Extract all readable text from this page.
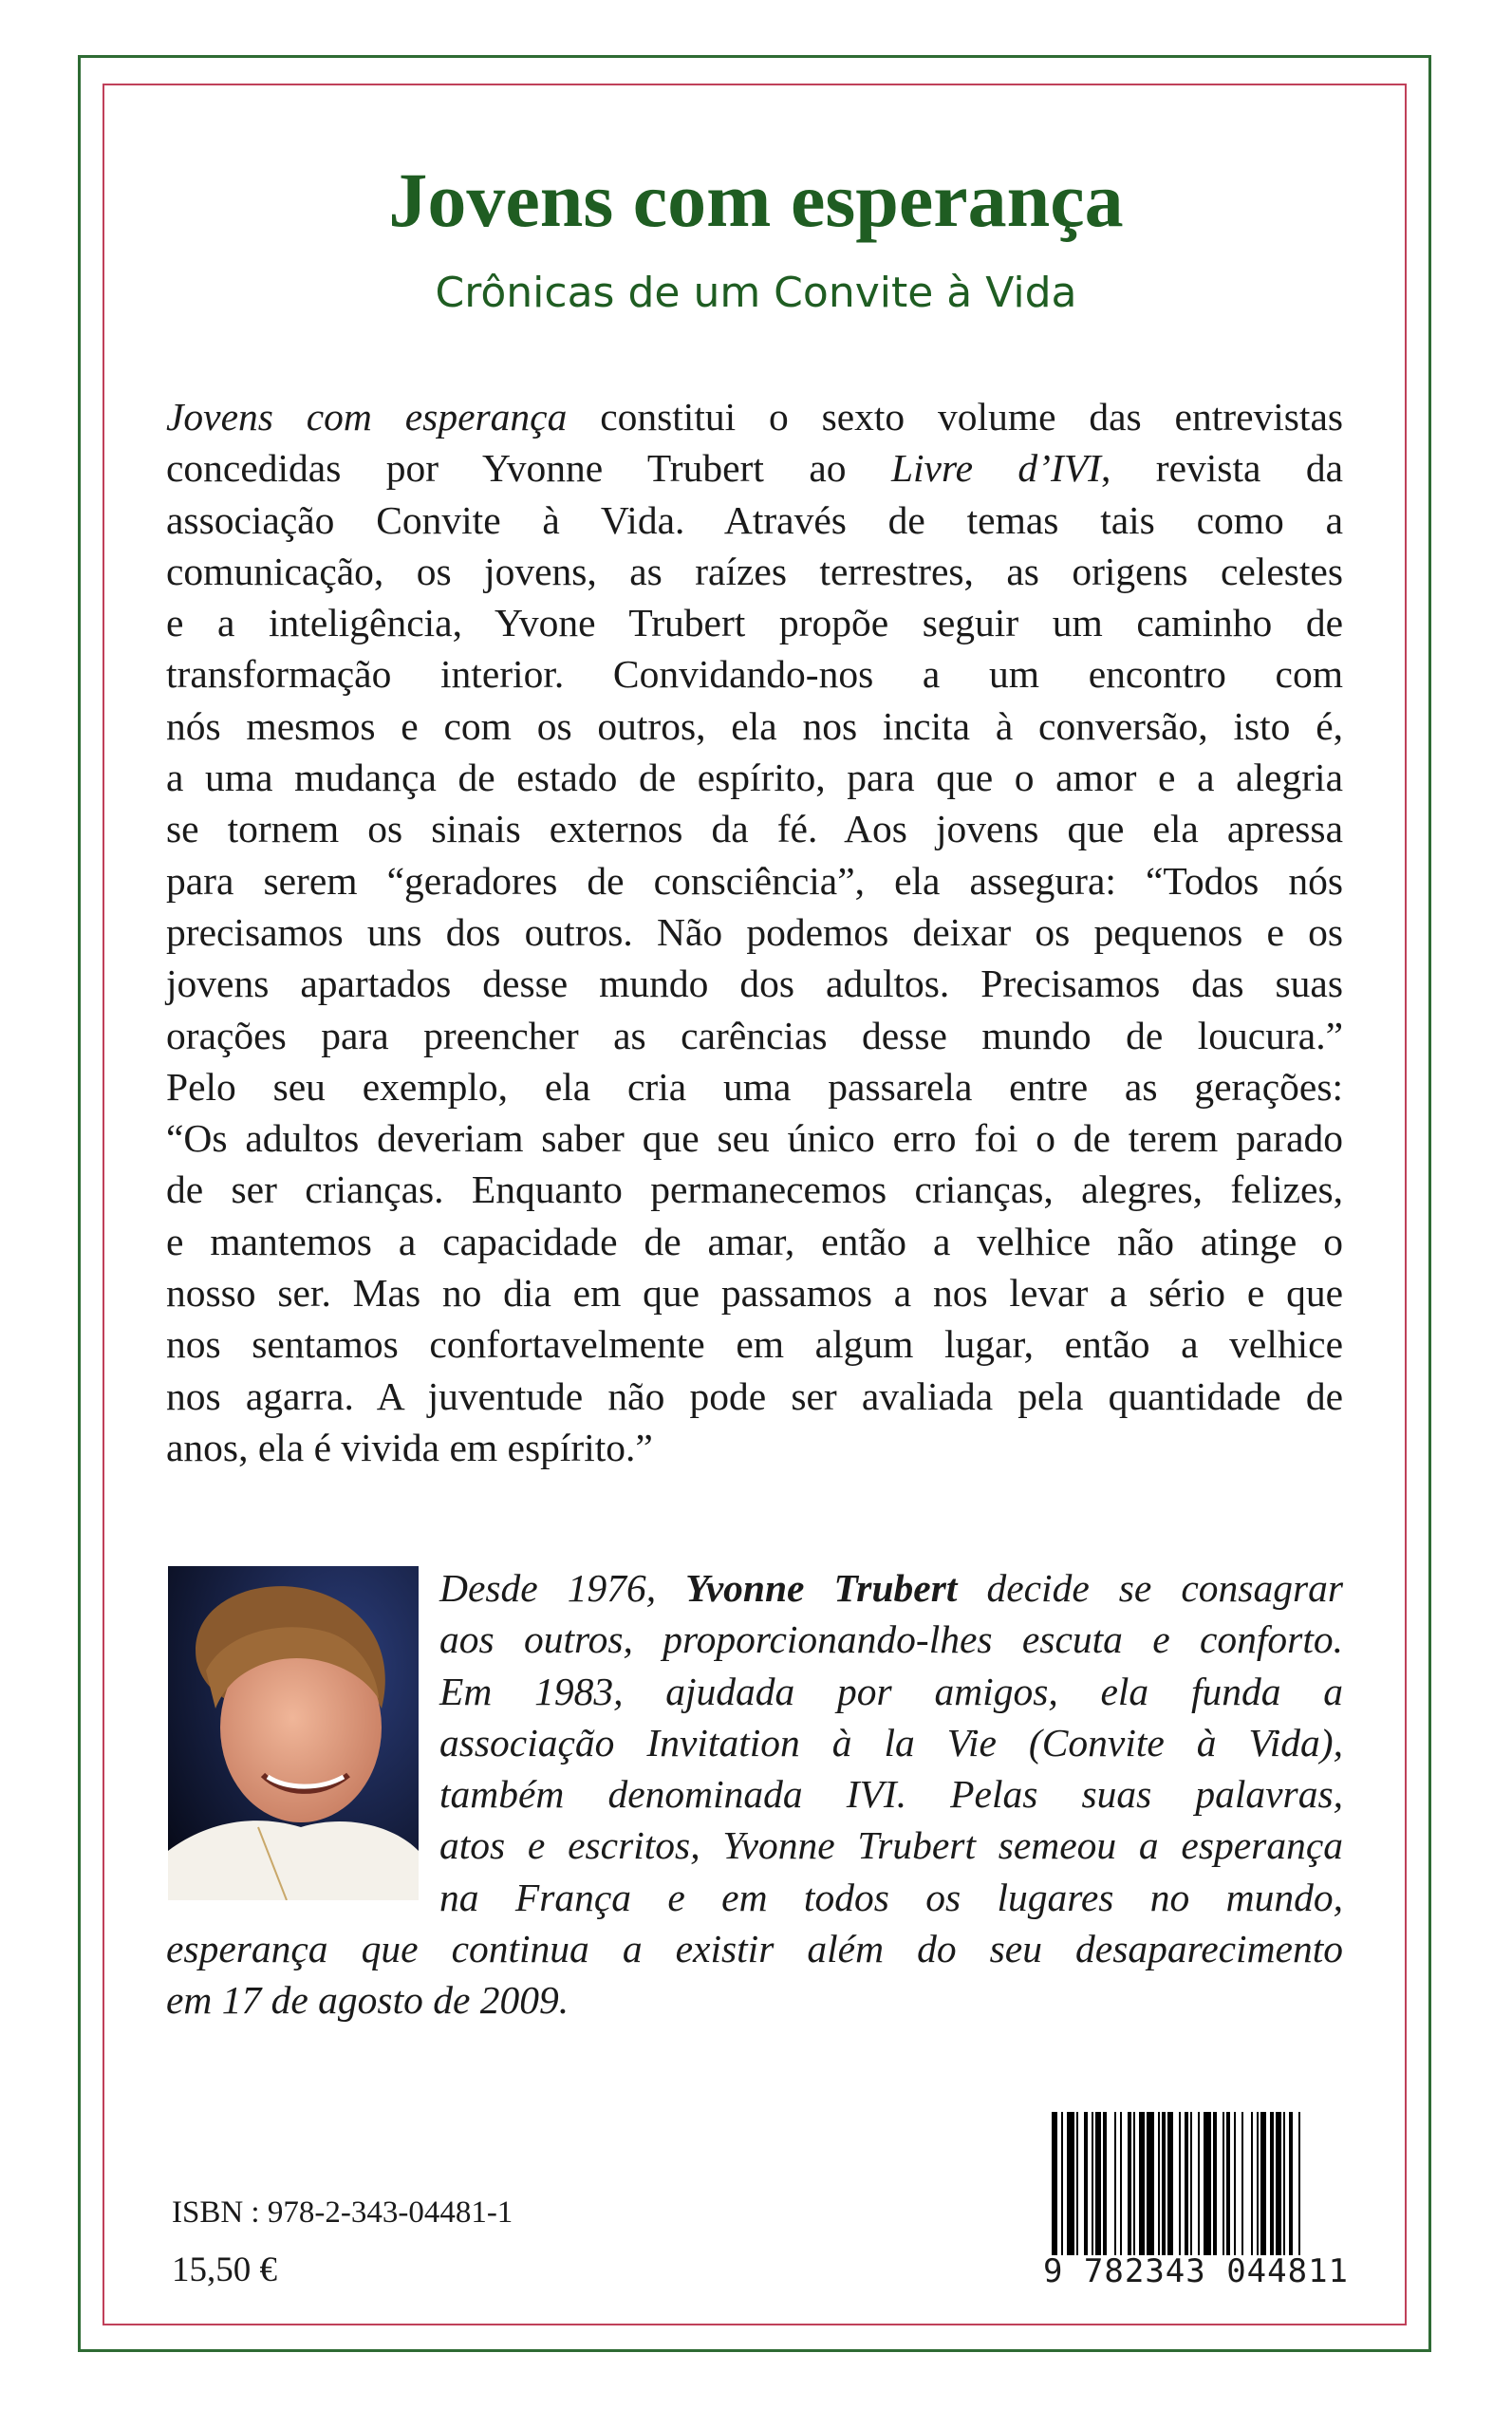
Jovens com esperança
Crônicas de um Convite à Vida
Jovens com esperança constitui o sexto volume das entrevistas
concedidas por Yvonne Trubert ao Livre d’IVI, revista da
associação Convite à Vida. Através de temas tais como a
comunicação, os jovens, as raízes terrestres, as origens celestes
e a inteligência, Yvone Trubert propõe seguir um caminho de
transformação interior. Convidando-nos a um encontro com
nós mesmos e com os outros, ela nos incita à conversão, isto é,
a uma mudança de estado de espírito, para que o amor e a alegria
se tornem os sinais externos da fé. Aos jovens que ela apressa
para serem “geradores de consciência”, ela assegura: “Todos nós
precisamos uns dos outros. Não podemos deixar os pequenos e os
jovens apartados desse mundo dos adultos. Precisamos das suas
orações para preencher as carências desse mundo de loucura.”
Pelo seu exemplo, ela cria uma passarela entre as gerações:
“Os adultos deveriam saber que seu único erro foi o de terem parado
de ser crianças. Enquanto permanecemos crianças, alegres, felizes,
e mantemos a capacidade de amar, então a velhice não atinge o
nosso ser. Mas no dia em que passamos a nos levar a sério e que
nos sentamos confortavelmente em algum lugar, então a velhice
nos agarra. A juventude não pode ser avaliada pela quantidade de
anos, ela é vivida em espírito.”
Desde 1976, Yvonne Trubert decide se consagrar
aos outros, proporcionando-lhes escuta e conforto.
Em 1983, ajudada por amigos, ela funda a
associação Invitation à la Vie (Convite à Vida),
também denominada IVI. Pelas suas palavras,
atos e escritos, Yvonne Trubert semeou a esperança
na França e em todos os lugares no mundo,
esperança que continua a existir além do seu desaparecimento
em 17 de agosto de 2009.
ISBN : 978-2-343-04481-1
15,50 €	9 782343 044811
